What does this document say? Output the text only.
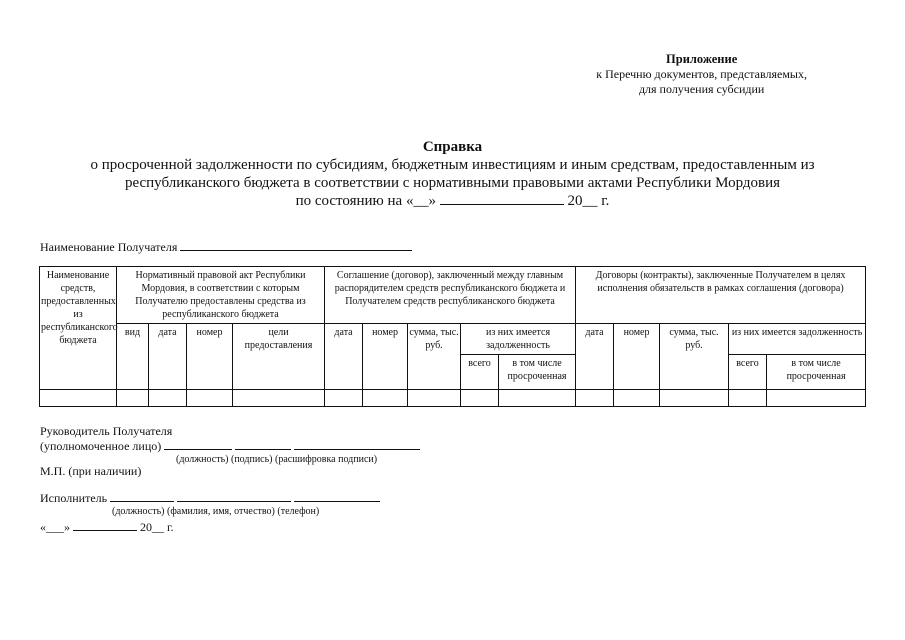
Приложение
к Перечню документов, представляемых,
для получения субсидии
Справка
о просроченной задолженности по субсидиям, бюджетным инвестициям и иным средствам, предоставленным из
республиканского бюджета в соответствии с нормативными правовыми актами Республики Мордовия
по состоянию на «__»	20__ г.
Наименование Получателя
Наименование средств, предоставленных из республиканского бюджета	Нормативный правовой акт Республики Мордовия, в соответствии с которым Получателю предоставлены средства из республиканского бюджета				Соглашение (договор), заключенный между главным распорядителем средств республиканского бюджета и Получателем средств республиканского бюджета					Договоры (контракты), заключенные Получателем в целях исполнения обязательств в рамках соглашения (договора)				
	вид	дата	номер	цели предоставления	дата	номер	сумма, тыс. руб.	из них имеется задолженность		дата	номер	сумма, тыс. руб.	из них имеется задолженность	
								всего	в том числе просроченная				всего	в том числе просроченная

Руководитель Получателя
(уполномоченное лицо)
(должность) (подпись) (расшифровка подписи)
М.П. (при наличии)
Исполнитель
(должность) (фамилия, имя, отчество) (телефон)
«___»	20__ г.
